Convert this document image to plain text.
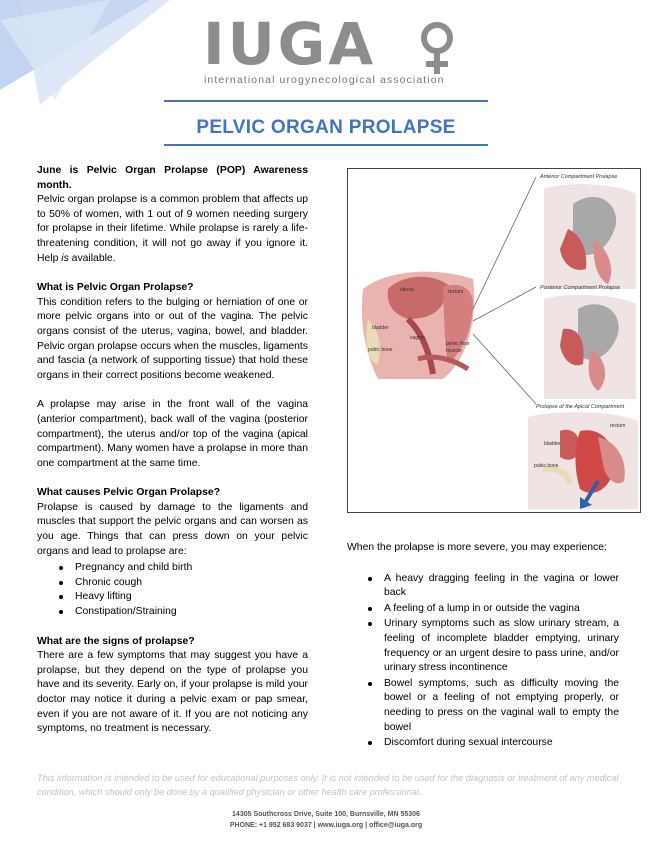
IUGA
international urogynecological association
PELVIC ORGAN PROLAPSE

June is Pelvic Organ Prolapse (POP) Awareness month.

Pelvic organ prolapse is a common problem that affects up to 50% of women, with 1 out of 9 women needing surgery for prolapse in their lifetime. While prolapse is rarely a life-threatening condition, it will not go away if you ignore it. Help is available.

What is Pelvic Organ Prolapse?

This condition refers to the bulging or herniation of one or more pelvic organs into or out of the vagina. The pelvic organs consist of the uterus, vagina, bowel, and bladder. Pelvic organ prolapse occurs when the muscles, ligaments and fascia (a network of supporting tissue) that hold these organs in their correct positions become weakened.

A prolapse may arise in the front wall of the vagina (anterior compartment), back wall of the vagina (posterior compartment), the uterus and/or top of the vagina (apical compartment). Many women have a prolapse in more than one compartment at the same time.

What causes Pelvic Organ Prolapse?

Prolapse is caused by damage to the ligaments and muscles that support the pelvic organs and can worsen as you age. Things that can press down on your pelvic organs and lead to prolapse are:

Pregnancy and child birth
Chronic cough
Heavy lifting
Constipation/Straining

What are the signs of prolapse?

There are a few symptoms that may suggest you have a prolapse, but they depend on the type of prolapse you have and its severity. Early on, if your prolapse is mild your doctor may notice it during a pelvic exam or pap smear, even if you are not aware of it. If you are not noticing any symptoms, no treatment is necessary.

uterus	rectum
bladder
pubic bone
vagina
pelvic floor
muscle
Anterior Compartment Prolapse
Posterior Compartment Prolapse
Prolapse of the Apical Compartment
bladder
pubic bone
rectum

When the prolapse is more severe, you may experience:

A heavy dragging feeling in the vagina or lower back
A feeling of a lump in or outside the vagina
Urinary symptoms such as slow urinary stream, a feeling of incomplete bladder emptying, urinary frequency or an urgent desire to pass urine, and/or urinary stress incontinence
Bowel symptoms, such as difficulty moving the bowel or a feeling of not emptying properly, or needing to press on the vaginal wall to empty the bowel
Discomfort during sexual intercourse
This information is intended to be used for educational purposes only. It is not intended to be used for the diagnosis or treatment of any medical condition, which should only be done by a qualified physician or other health care professional.
14305 Southcross Drive, Suite 100, Burnsville, MN 55306
PHONE: +1 952 683 9037 | www.iuga.org | office@iuga.org
